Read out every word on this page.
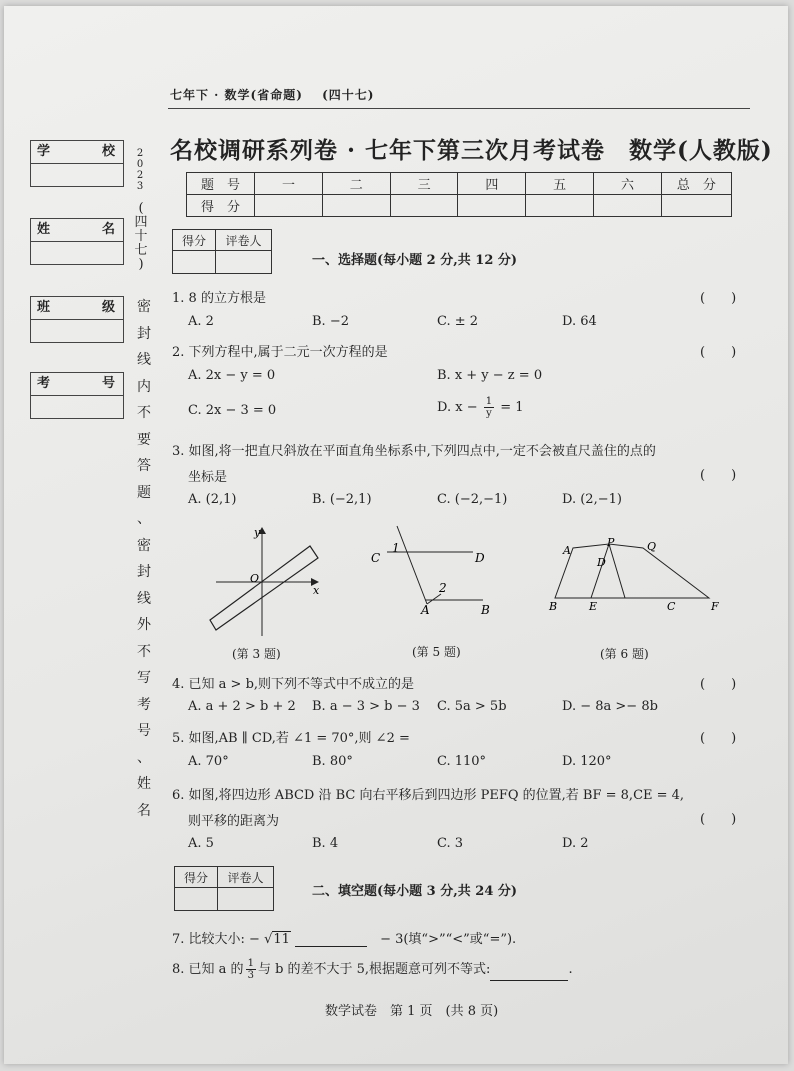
七年下 · 数学(省命题) (四十七)
名校调研系列卷 · 七年下第三次月考试卷　数学(人教版)
题　号	一	二	三	四	五	六	总　分
得　分							
学	校
姓	名
班	级
考	号
2
0
2
3
(
四
十
七
)
密
封
线
内
不
要
答
题
、
密
封
线
外
不
写
考
号
、
姓
名
得分	评卷人

一、选择题(每小题 2 分,共 12 分)
1. 8 的立方根是	(　　)
A. 2	B. −2	C. ± 2	D. 64
2. 下列方程中,属于二元一次方程的是	(　　)
A. 2x − y = 0	B. x + y − z = 0
C. 2x − 3 = 0	D. $x - \frac{1}{y} = 1$
3. 如图,将一把直尺斜放在平面直角坐标系中,下列四点中,一定不会被直尺盖住的点的
坐标是	(　　)
A. (2,1)	B. (−2,1)	C. (−2,−1)	D. (2,−1)
y
x
O
(第 3 题)
C	D
A	B
1
2
(第 5 题)
A
P	Q
D
B	E	C	F
(第 6 题)
4. 已知 a > b,则下列不等式中不成立的是	(　　)
A. a + 2 > b + 2 B. a − 3 > b − 3 C. 5a > 5b	D. − 8a >− 8b
5. 如图,AB ∥ CD,若 ∠1 = 70°,则 ∠2 =	(　　)
A. 70°	B. 80°	C. 110°	D. 120°
6. 如图,将四边形 ABCD 沿 BC 向右平移后到四边形 PEFQ 的位置,若 BF = 8,CE = 4,
则平移的距离为	(　　)
A. 5	B. 4	C. 3	D. 2
得分	评卷人

二、填空题(每小题 3 分,共 24 分)
7. 比较大小: − √11	　− 3(填“>”“<”或“=”).
8. 已知 a 的 $\frac{1}{3}$ 与 b 的差不大于 5,根据题意可列不等式:	.
数学试卷　第 1 页　(共 8 页)
